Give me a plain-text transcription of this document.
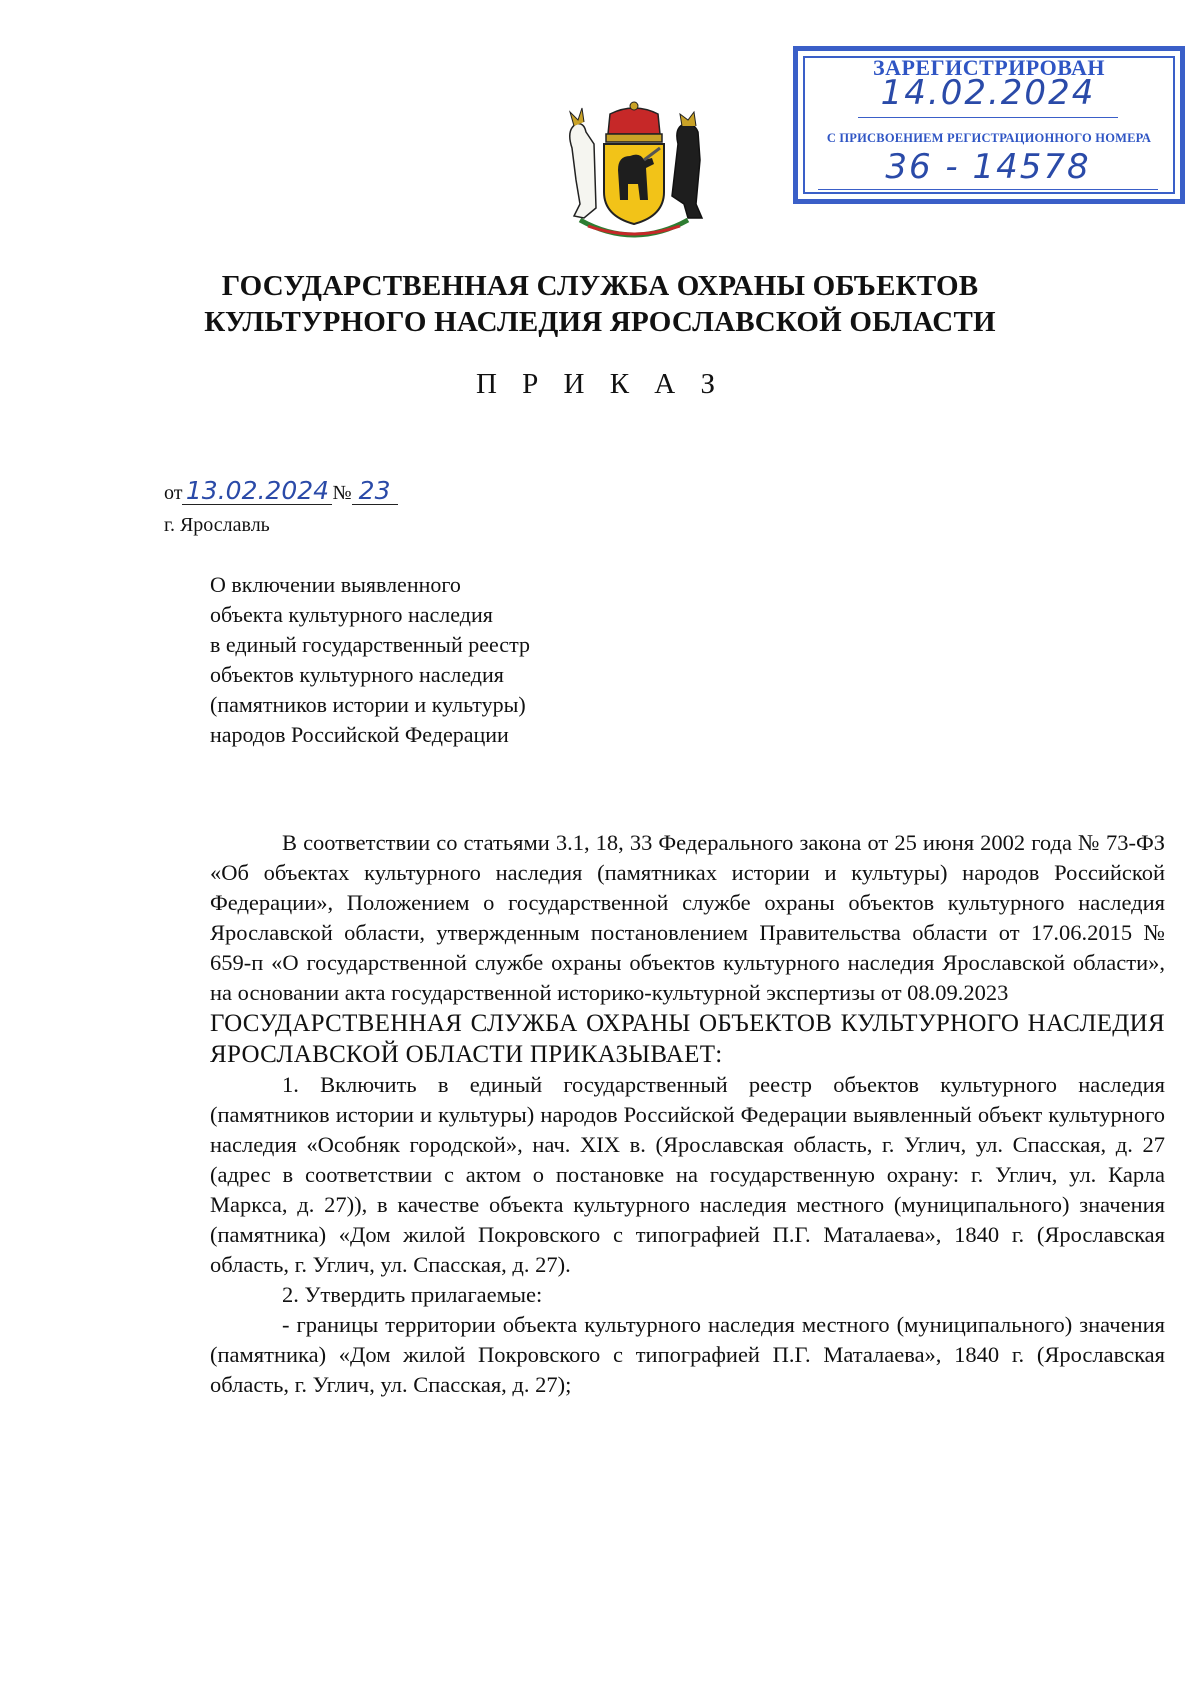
ЗАРЕГИСТРИРОВАН
14.02.2024
С ПРИСВОЕНИЕМ РЕГИСТРАЦИОННОГО НОМЕРА
36 - 14578
ГОСУДАРСТВЕННАЯ СЛУЖБА ОХРАНЫ ОБЪЕКТОВ
КУЛЬТУРНОГО НАСЛЕДИЯ ЯРОСЛАВСКОЙ ОБЛАСТИ
П Р И К А З
от 13.02.2024 № 23
г. Ярославль
О включении выявленного
объекта культурного наследия
в единый государственный реестр
объектов культурного наследия
(памятников истории и культуры)
народов Российской Федерации

В соответствии со статьями 3.1, 18, 33 Федерального закона от 25 июня 2002 года № 73-ФЗ «Об объектах культурного наследия (памятниках истории и культуры) народов Российской Федерации», Положением о государственной службе охраны объектов культурного наследия Ярославской области, утвержденным постановлением Правительства области от 17.06.2015 № 659-п «О государственной службе охраны объектов культурного наследия Ярославской области», на основании акта государственной историко-культурной экспертизы от 08.09.2023

ГОСУДАРСТВЕННАЯ СЛУЖБА ОХРАНЫ ОБЪЕКТОВ КУЛЬТУРНОГО НАСЛЕДИЯ ЯРОСЛАВСКОЙ ОБЛАСТИ ПРИКАЗЫВАЕТ:

1. Включить в единый государственный реестр объектов культурного наследия (памятников истории и культуры) народов Российской Федерации выявленный объект культурного наследия «Особняк городской», нач. XIX в. (Ярославская область, г. Углич, ул. Спасская, д. 27 (адрес в соответствии с актом о постановке на государственную охрану: г. Углич, ул. Карла Маркса, д. 27)), в качестве объекта культурного наследия местного (муниципального) значения (памятника) «Дом жилой Покровского с типографией П.Г. Маталаева», 1840 г. (Ярославская область, г. Углич, ул. Спасская, д. 27).

2. Утвердить прилагаемые:

- границы территории объекта культурного наследия местного (муниципального) значения (памятника) «Дом жилой Покровского с типографией П.Г. Маталаева», 1840 г. (Ярославская область, г. Углич, ул. Спасская, д. 27);
